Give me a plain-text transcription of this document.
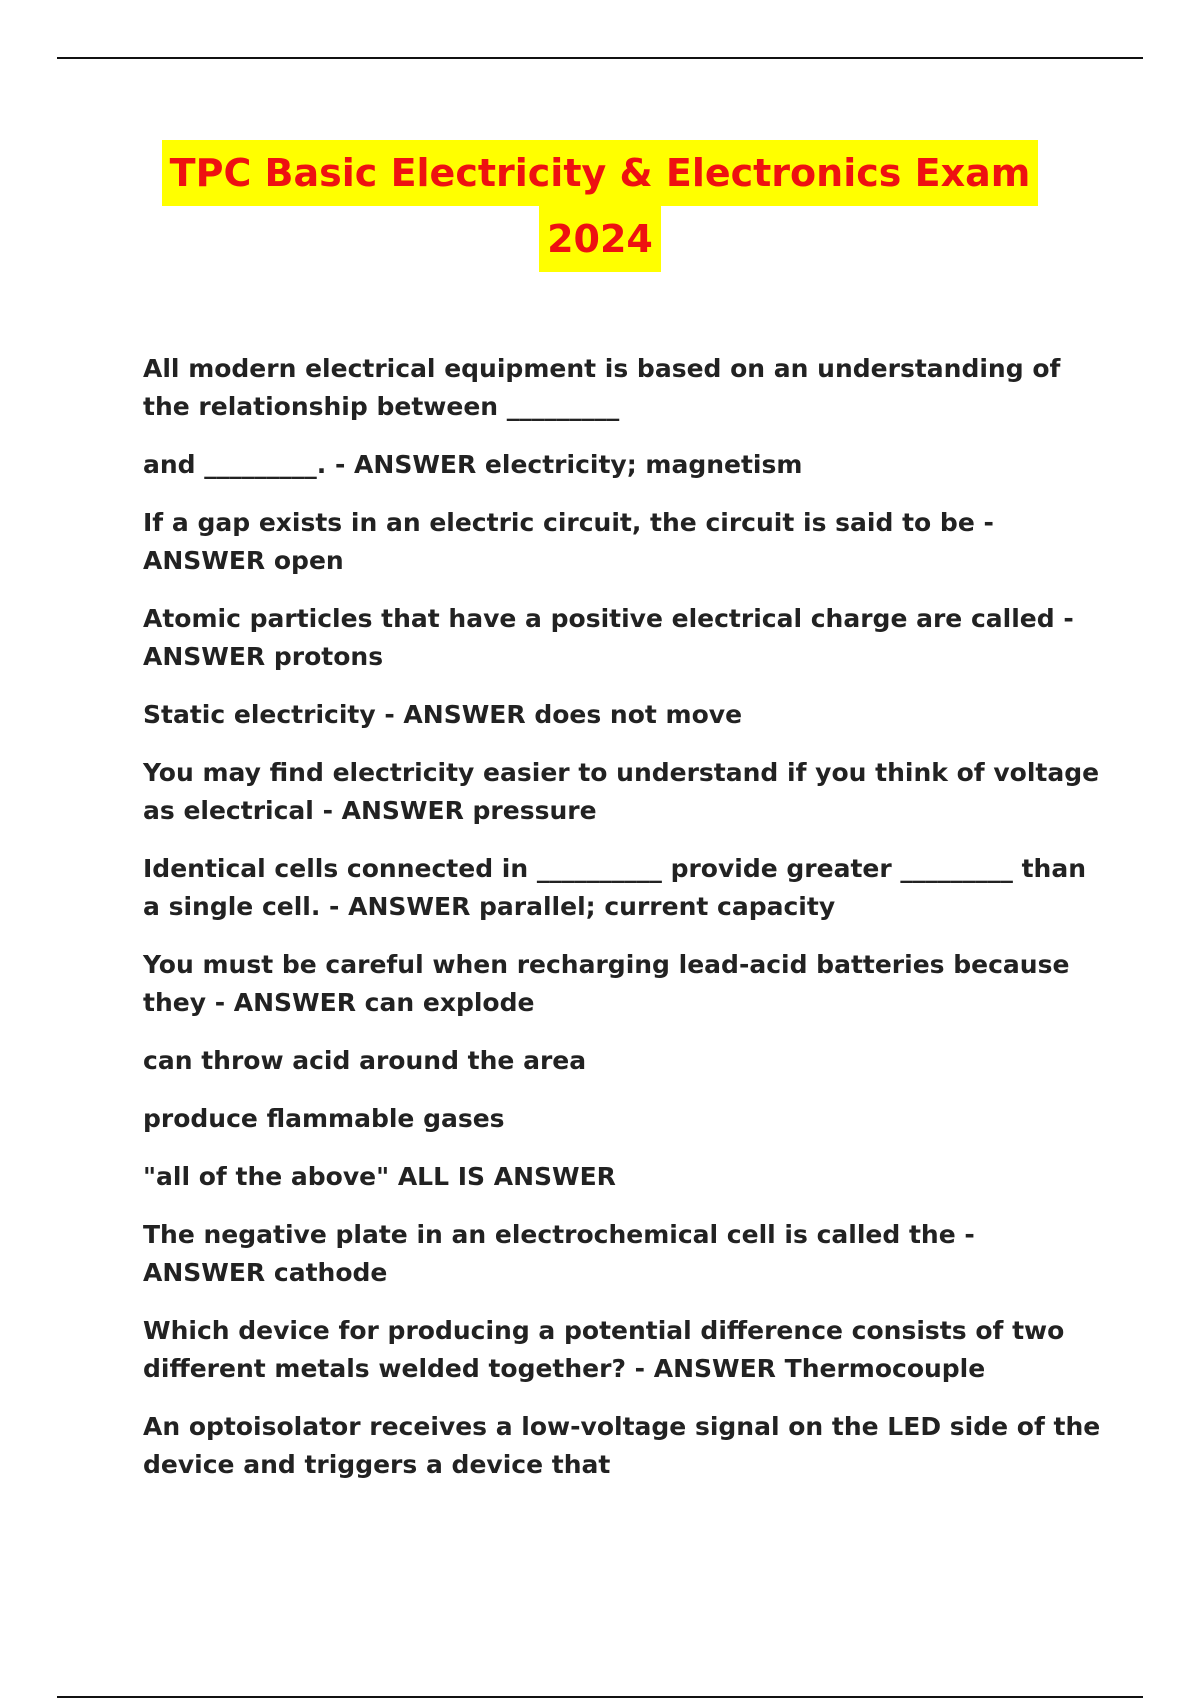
TPC Basic Electricity & Electronics Exam
2024

All modern electrical equipment is based on an understanding of the relationship between _________

and _________. - ANSWER electricity; magnetism

If a gap exists in an electric circuit, the circuit is said to be - ANSWER open

Atomic particles that have a positive electrical charge are called - ANSWER protons

Static electricity - ANSWER does not move

You may find electricity easier to understand if you think of voltage as electrical - ANSWER pressure

Identical cells connected in __________ provide greater _________ than a single cell. - ANSWER parallel; current capacity

You must be careful when recharging lead-acid batteries because they - ANSWER can explode

can throw acid around the area

produce flammable gases

"all of the above" ALL IS ANSWER

The negative plate in an electrochemical cell is called the - ANSWER cathode

Which device for producing a potential difference consists of two different metals welded together? - ANSWER Thermocouple

An optoisolator receives a low-voltage signal on the LED side of the device and triggers a device that
